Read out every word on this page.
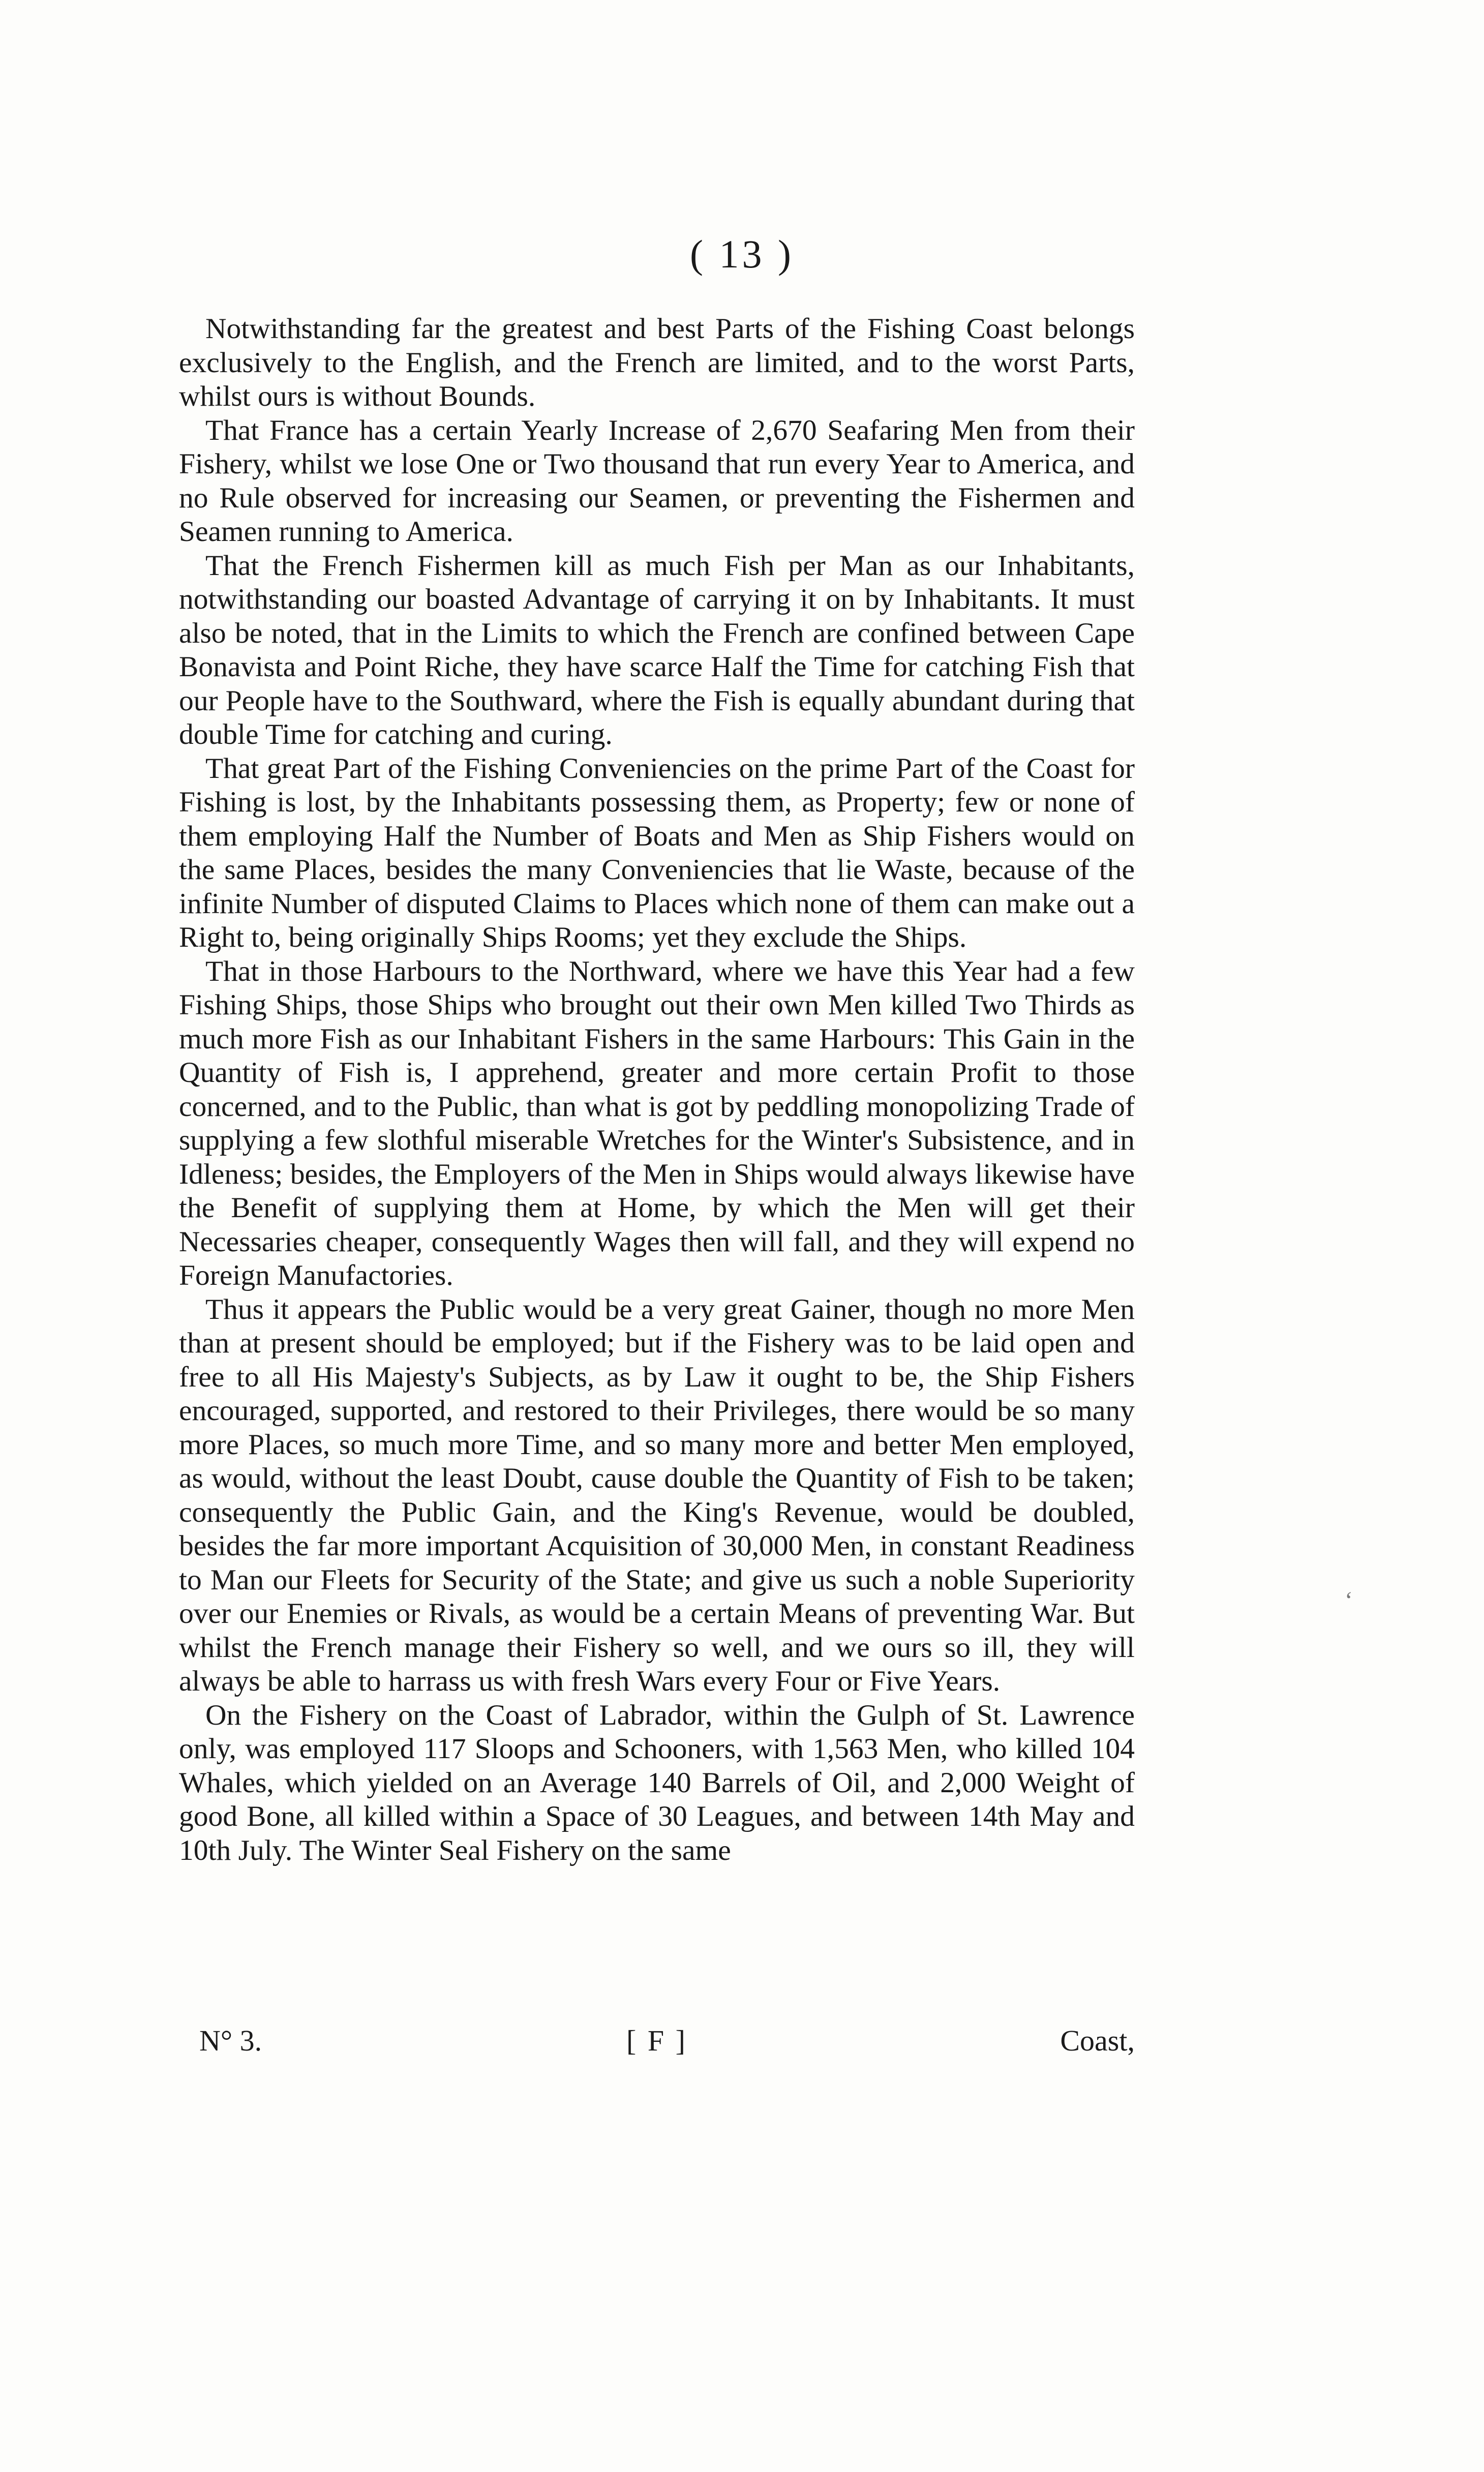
( 13 )

Notwithstanding far the greatest and best Parts of the Fishing Coast belongs exclusively to the English, and the French are limited, and to the worst Parts, whilst ours is without Bounds.

That France has a certain Yearly Increase of 2,670 Seafaring Men from their Fishery, whilst we lose One or Two thousand that run every Year to America, and no Rule observed for increasing our Seamen, or preventing the Fishermen and Seamen running to America.

That the French Fishermen kill as much Fish per Man as our Inhabitants, notwithstanding our boasted Advantage of carrying it on by Inhabitants. It must also be noted, that in the Limits to which the French are confined between Cape Bonavista and Point Riche, they have scarce Half the Time for catching Fish that our People have to the Southward, where the Fish is equally abundant during that double Time for catching and curing.

That great Part of the Fishing Conveniencies on the prime Part of the Coast for Fishing is lost, by the Inhabitants possessing them, as Property; few or none of them employing Half the Number of Boats and Men as Ship Fishers would on the same Places, besides the many Conveniencies that lie Waste, because of the infinite Number of disputed Claims to Places which none of them can make out a Right to, being originally Ships Rooms; yet they exclude the Ships.

That in those Harbours to the Northward, where we have this Year had a few Fishing Ships, those Ships who brought out their own Men killed Two Thirds as much more Fish as our Inhabitant Fishers in the same Harbours: This Gain in the Quantity of Fish is, I apprehend, greater and more certain Profit to those concerned, and to the Public, than what is got by peddling monopolizing Trade of supplying a few slothful miserable Wretches for the Winter's Subsistence, and in Idleness; besides, the Employers of the Men in Ships would always likewise have the Benefit of supplying them at Home, by which the Men will get their Necessaries cheaper, consequently Wages then will fall, and they will expend no Foreign Manufactories.

Thus it appears the Public would be a very great Gainer, though no more Men than at present should be employed; but if the Fishery was to be laid open and free to all His Majesty's Subjects, as by Law it ought to be, the Ship Fishers encouraged, supported, and restored to their Privileges, there would be so many more Places, so much more Time, and so many more and better Men employed, as would, without the least Doubt, cause double the Quantity of Fish to be taken; consequently the Public Gain, and the King's Revenue, would be doubled, besides the far more important Acquisition of 30,000 Men, in constant Readiness to Man our Fleets for Security of the State; and give us such a noble Superiority over our Enemies or Rivals, as would be a certain Means of preventing War. But whilst the French manage their Fishery so well, and we ours so ill, they will always be able to harrass us with fresh Wars every Four or Five Years.

On the Fishery on the Coast of Labrador, within the Gulph of St. Lawrence only, was employed 117 Sloops and Schooners, with 1,563 Men, who killed 104 Whales, which yielded on an Average 140 Barrels of Oil, and 2,000 Weight of good Bone, all killed within a Space of 30 Leagues, and between 14th May and 10th July. The Winter Seal Fishery on the same

N° 3.	[ F ]	Coast,
‘
